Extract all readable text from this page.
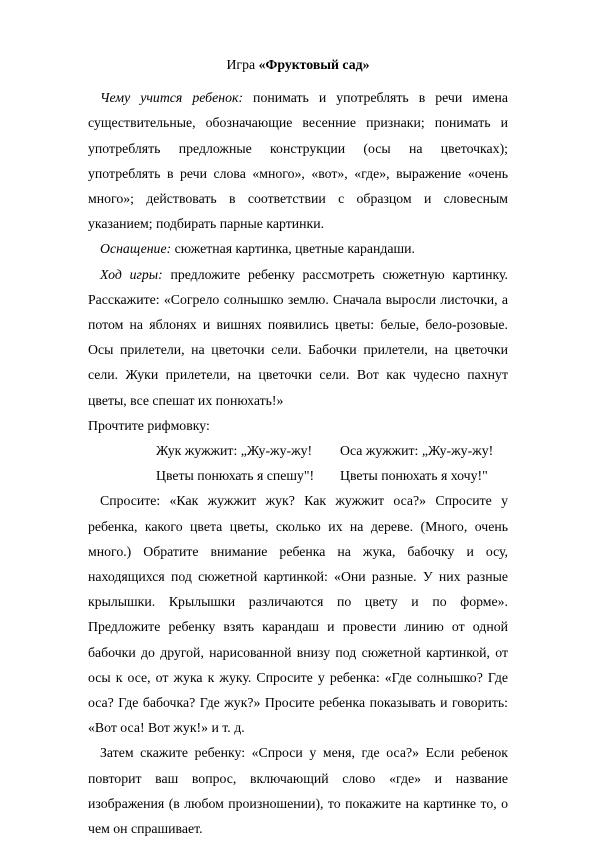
Игра «Фруктовый сад»

Чему учится ребенок: понимать и употреблять в речи имена существительные, обозначающие весенние признаки; понимать и употреблять предложные конструкции (осы на цветочках); употреблять в речи слова «много», «вот», «где», выражение «очень много»; действовать в соответствии с образцом и словесным указанием; подбирать парные картинки.

Оснащение: сюжетная картинка, цветные карандаши.

Ход игры: предложите ребенку рассмотреть сюжетную картинку. Расскажите: «Согрело солнышко землю. Сначала выросли листочки, а потом на яблонях и вишнях появились цветы: белые, бело-розовые. Осы прилетели, на цветочки сели. Бабочки прилетели, на цветочки сели. Жуки прилетели, на цветочки сели. Вот как чудесно пахнут цветы, все спешат их понюхать!»

Прочтите рифмовку:

Жук жужжит: „Жу-жу-жу!	Оса жужжит: „Жу-жу-жу!
Цветы понюхать я спешу"!	Цветы понюхать я хочу!"

Спросите: «Как жужжит жук? Как жужжит оса?» Спросите у ребенка, какого цвета цветы, сколько их на дереве. (Много, очень много.) Обратите внимание ребенка на жука, бабочку и осу, находящихся под сюжетной картинкой: «Они разные. У них разные крылышки. Крылышки различаются по цвету и по форме». Предложите ребенку взять карандаш и провести линию от одной бабочки до другой, нарисованной внизу под сюжетной картинкой, от осы к осе, от жука к жуку. Спросите у ребенка: «Где солнышко? Где оса? Где бабочка? Где жук?» Просите ребенка показывать и говорить: «Вот оса! Вот жук!» и т. д.

Затем скажите ребенку: «Спроси у меня, где оса?» Если ребенок повторит ваш вопрос, включающий слово «где» и название изображения (в любом произношении), то покажите на картинке то, о чем он спрашивает.
